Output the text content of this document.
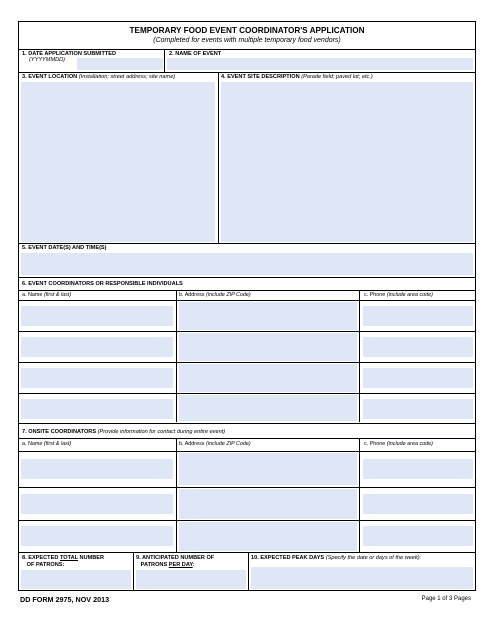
TEMPORARY FOOD EVENT COORDINATOR'S APPLICATION
(Completed for events with multiple temporary food vendors)
1. DATE APPLICATION SUBMITTED
(YYYYMMDD)
2. NAME OF EVENT
3. EVENT LOCATION (Installation; street address; site name)	4. EVENT SITE DESCRIPTION (Parade field; paved lot; etc.)
5. EVENT DATE(S) AND TIME(S)
6. EVENT COORDINATORS OR RESPONSIBLE INDIVIDUALS
a. Name (first & last)	b. Address (include ZIP Code)	c. Phone (include area code)
7. ONSITE COORDINATORS (Provide information for contact during entire event)
a. Name (first & last)	b. Address (include ZIP Code)	c. Phone (include area code)
8. EXPECTED TOTAL NUMBER
OF PATRONS:
9. ANTICIPATED NUMBER OF
PATRONS PER DAY:
10. EXPECTED PEAK DAYS (Specify the date or days of the week):
DD FORM 2975, NOV 2013	Page 1 of 3 Pages
